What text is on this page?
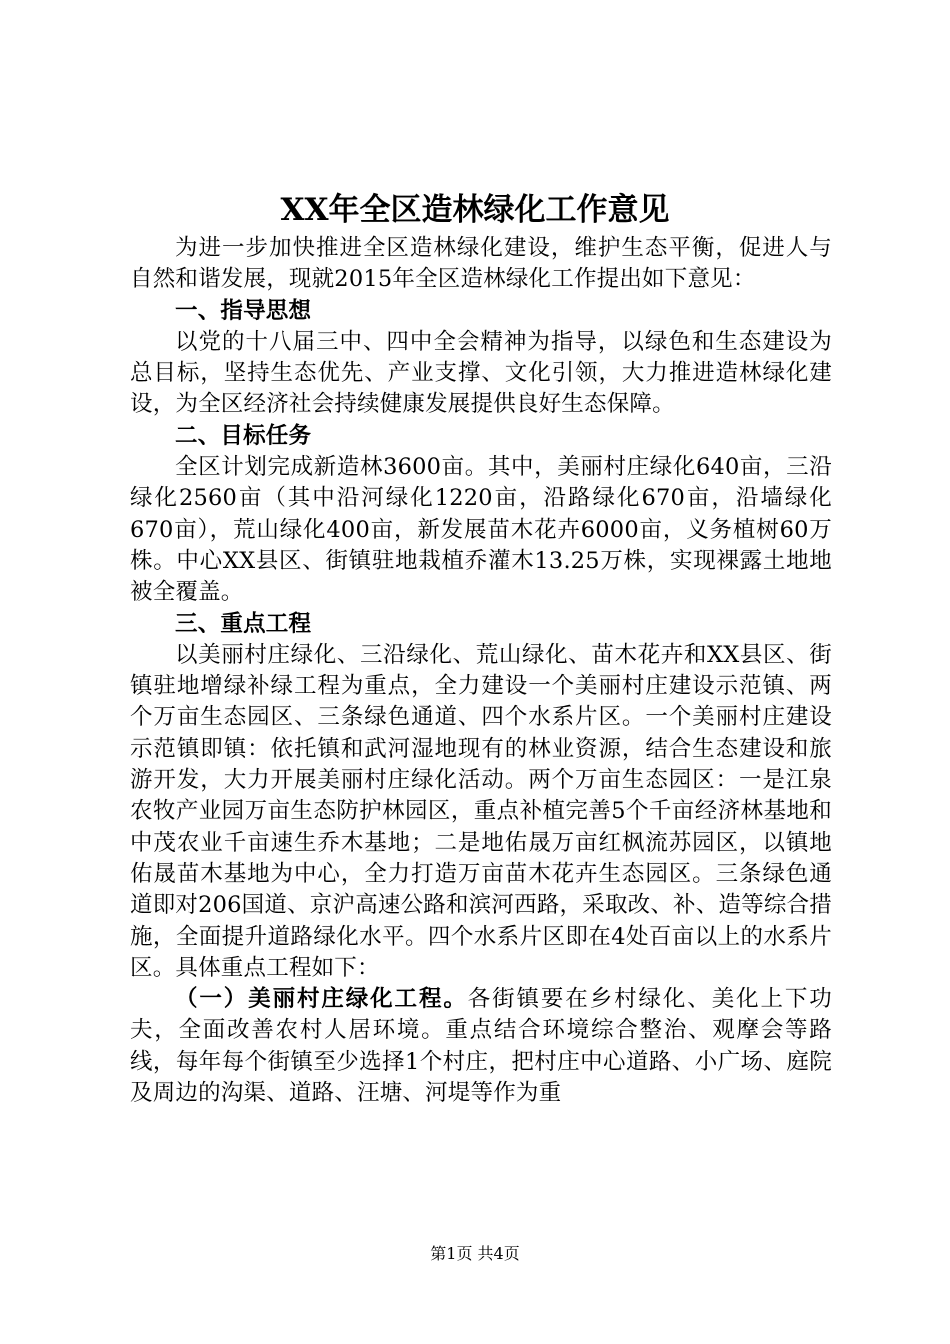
XX年全区造林绿化工作意见

为进一步加快推进全区造林绿化建设，维护生态平衡，促进人与自然和谐发展，现就2015年全区造林绿化工作提出如下意见：

一、指导思想

以党的十八届三中、四中全会精神为指导，以绿色和生态建设为总目标，坚持生态优先、产业支撑、文化引领，大力推进造林绿化建设，为全区经济社会持续健康发展提供良好生态保障。

二、目标任务

全区计划完成新造林3600亩。其中，美丽村庄绿化640亩，三沿绿化2560亩（其中沿河绿化1220亩，沿路绿化670亩，沿墙绿化670亩），荒山绿化400亩，新发展苗木花卉6000亩，义务植树60万株。中心XX县区、街镇驻地栽植乔灌木13.25万株，实现裸露土地地被全覆盖。

三、重点工程

以美丽村庄绿化、三沿绿化、荒山绿化、苗木花卉和XX县区、街镇驻地增绿补绿工程为重点，全力建设一个美丽村庄建设示范镇、两个万亩生态园区、三条绿色通道、四个水系片区。一个美丽村庄建设示范镇即镇：依托镇和武河湿地现有的林业资源，结合生态建设和旅游开发，大力开展美丽村庄绿化活动。两个万亩生态园区：一是江泉农牧产业园万亩生态防护林园区，重点补植完善5个千亩经济林基地和中茂农业千亩速生乔木基地；二是地佑晟万亩红枫流苏园区，以镇地佑晟苗木基地为中心，全力打造万亩苗木花卉生态园区。三条绿色通道即对206国道、京沪高速公路和滨河西路，采取改、补、造等综合措施，全面提升道路绿化水平。四个水系片区即在4处百亩以上的水系片区。具体重点工程如下：

（一）美丽村庄绿化工程。各街镇要在乡村绿化、美化上下功夫，全面改善农村人居环境。重点结合环境综合整治、观摩会等路线，每年每个街镇至少选择1个村庄，把村庄中心道路、小广场、庭院及周边的沟渠、道路、汪塘、河堤等作为重

第1页 共4页
